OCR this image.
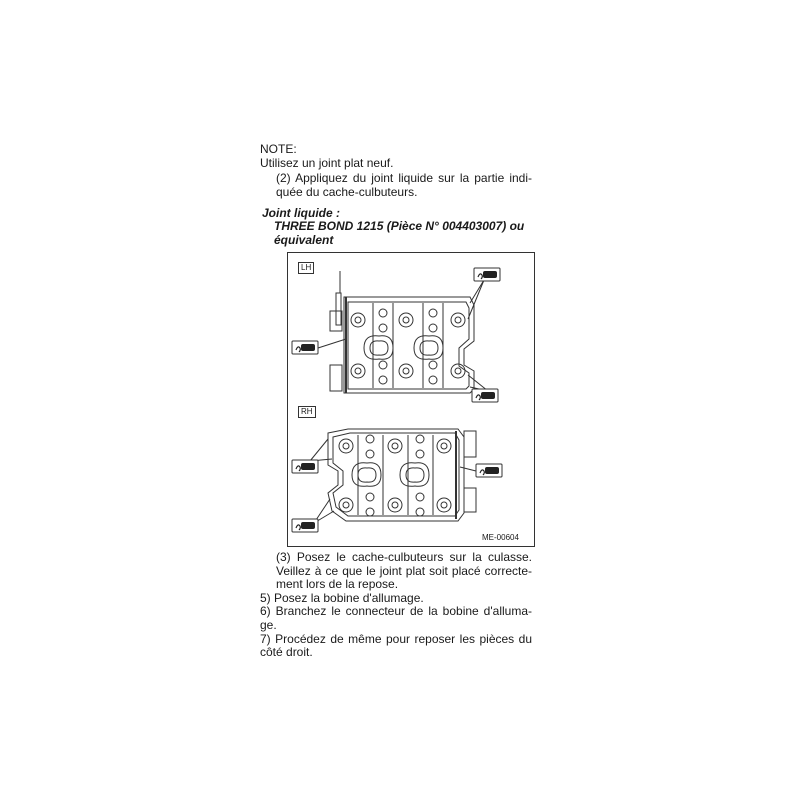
NOTE:
Utilisez un joint plat neuf.
(2) Appliquez du joint liquide sur la partie indi-
quée du cache-culbuteurs.
Joint liquide :
THREE BOND 1215 (Pièce N° 004403007) ou
équivalent
LH
RH
ME-00604
(3) Posez le cache-culbuteurs sur la culasse.
Veillez à ce que le joint plat soit placé correcte-
ment lors de la repose.
5) Posez la bobine d'allumage.
6) Branchez le connecteur de la bobine d'alluma-
ge.
7) Procédez de même pour reposer les pièces du
côté droit.
